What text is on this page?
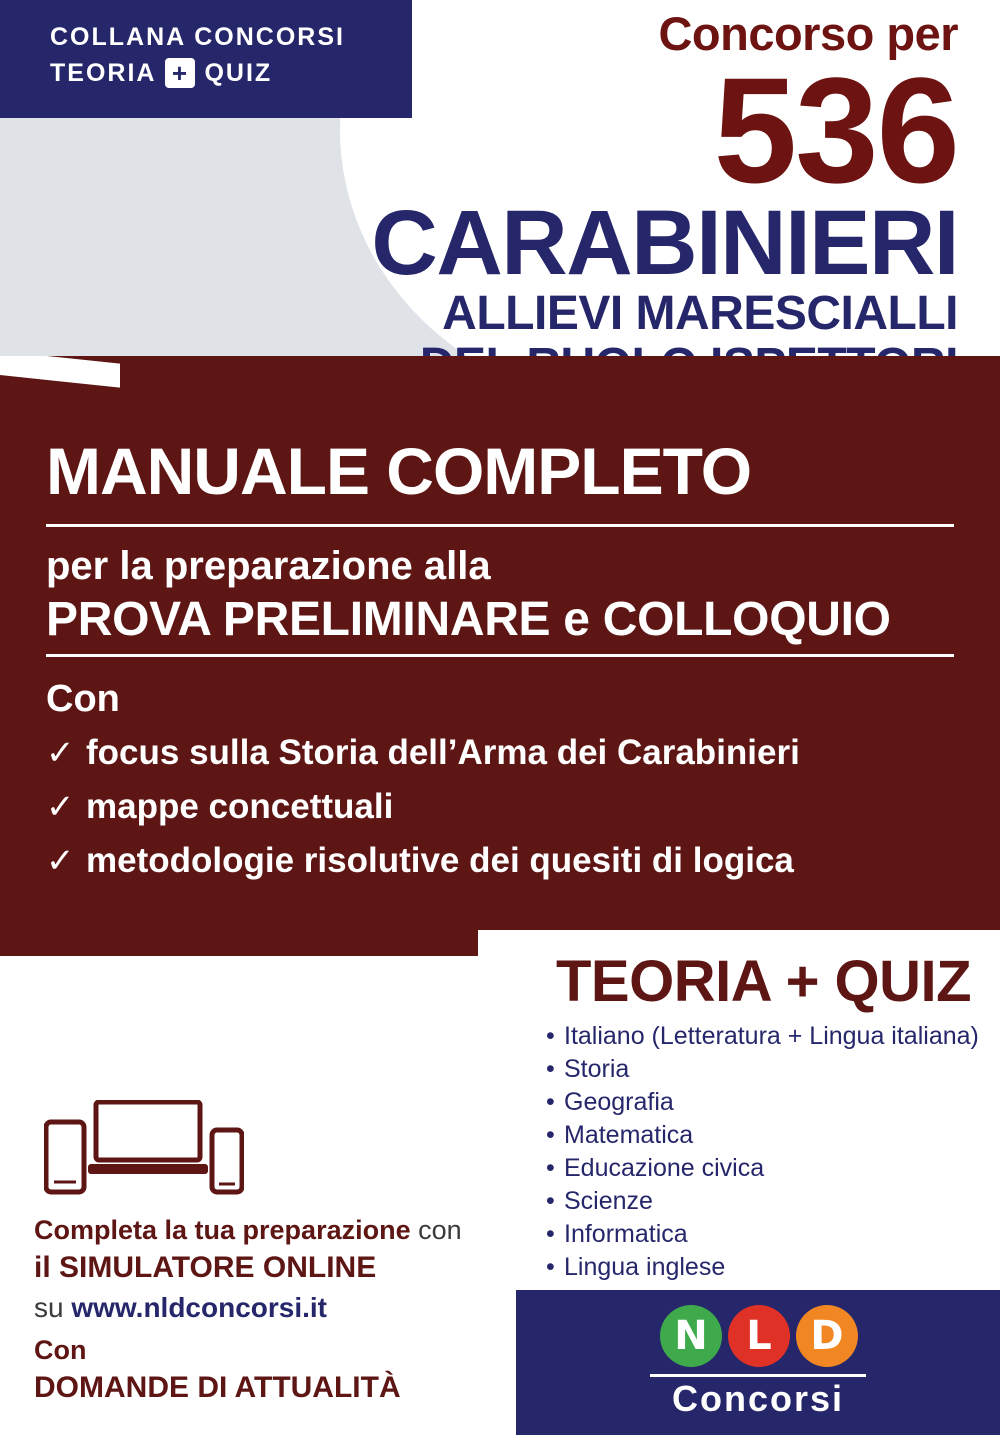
COLLANA CONCORSI
TEORIA + QUIZ
Concorso per
536
CARABINIERI
ALLIEVI MARESCIALLI
MANUALE COMPLETO
per la preparazione alla
PROVA PRELIMINARE e COLLOQUIO
Con
✓ focus sulla Storia dell’Arma dei Carabinieri
✓ mappe concettuali
✓ metodologie risolutive dei quesiti di logica
TEORIA + QUIZ
• Italiano (Letteratura + Lingua italiana)
• Storia
• Geografia
• Matematica
• Educazione civica
• Scienze
• Informatica
• Lingua inglese
Completa la tua preparazione con
il SIMULATORE ONLINE
su www.nldconcorsi.it
Con
DOMANDE DI ATTUALITÀ
N L D
Concorsi
